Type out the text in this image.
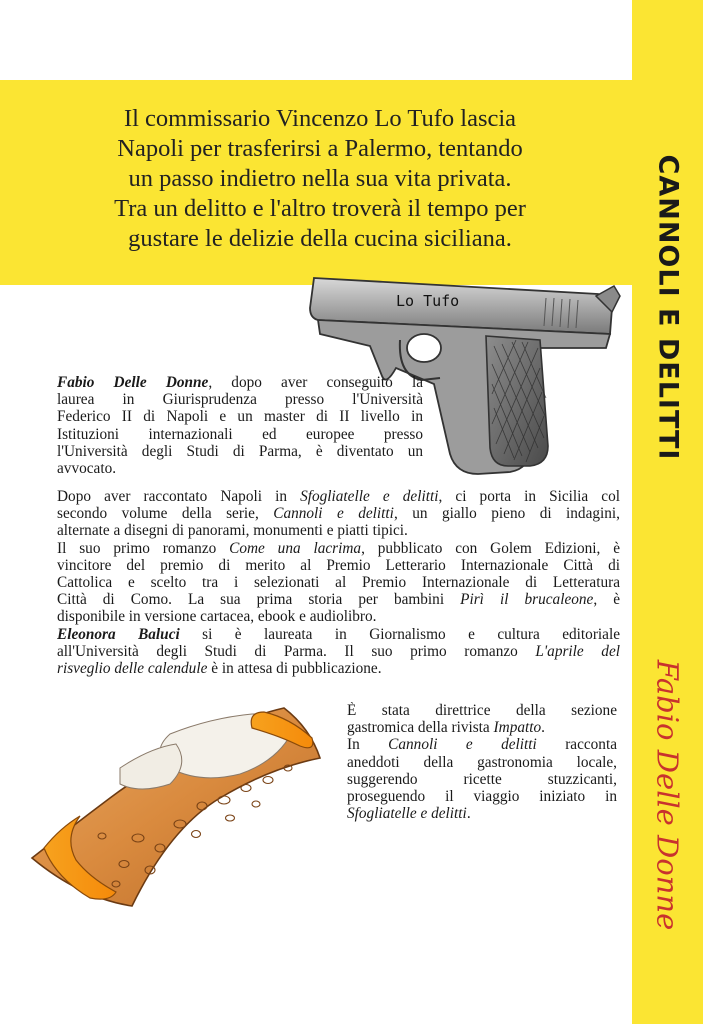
CANNOLI E DELITTI
Fabio Delle Donne
Il commissario Vincenzo Lo Tufo lascia
Napoli per trasferirsi a Palermo, tentando
un passo indietro nella sua vita privata.
Tra un delitto e l'altro troverà il tempo per
gustare le delizie della cucina siciliana.
Lo Tufo
Fabio Delle Donne, dopo aver conseguito la
laurea in Giurisprudenza presso l'Università
Federico II di Napoli e un master di II livello in
Istituzioni internazionali ed europee presso
l'Università degli Studi di Parma, è diventato un
avvocato.
Dopo aver raccontato Napoli in Sfogliatelle e delitti, ci porta in Sicilia col
secondo volume della serie, Cannoli e delitti, un giallo pieno di indagini,
alternate a disegni di panorami, monumenti e piatti tipici.
Il suo primo romanzo Come una lacrima, pubblicato con Golem Edizioni, è
vincitore del premio di merito al Premio Letterario Internazionale Città di
Cattolica e scelto tra i selezionati al Premio Internazionale di Letteratura
Città di Como. La sua prima storia per bambini Pirì il brucaleone, è
disponibile in versione cartacea, ebook e audiolibro.
Eleonora Baluci si è laureata in Giornalismo e cultura editoriale
all'Università degli Studi di Parma. Il suo primo romanzo L'aprile del
risveglio delle calendule è in attesa di pubblicazione.
È stata direttrice della sezione
gastromica della rivista Impatto.
In Cannoli e delitti racconta
aneddoti della gastronomia locale,
suggerendo ricette stuzzicanti,
proseguendo il viaggio iniziato in
Sfogliatelle e delitti.
